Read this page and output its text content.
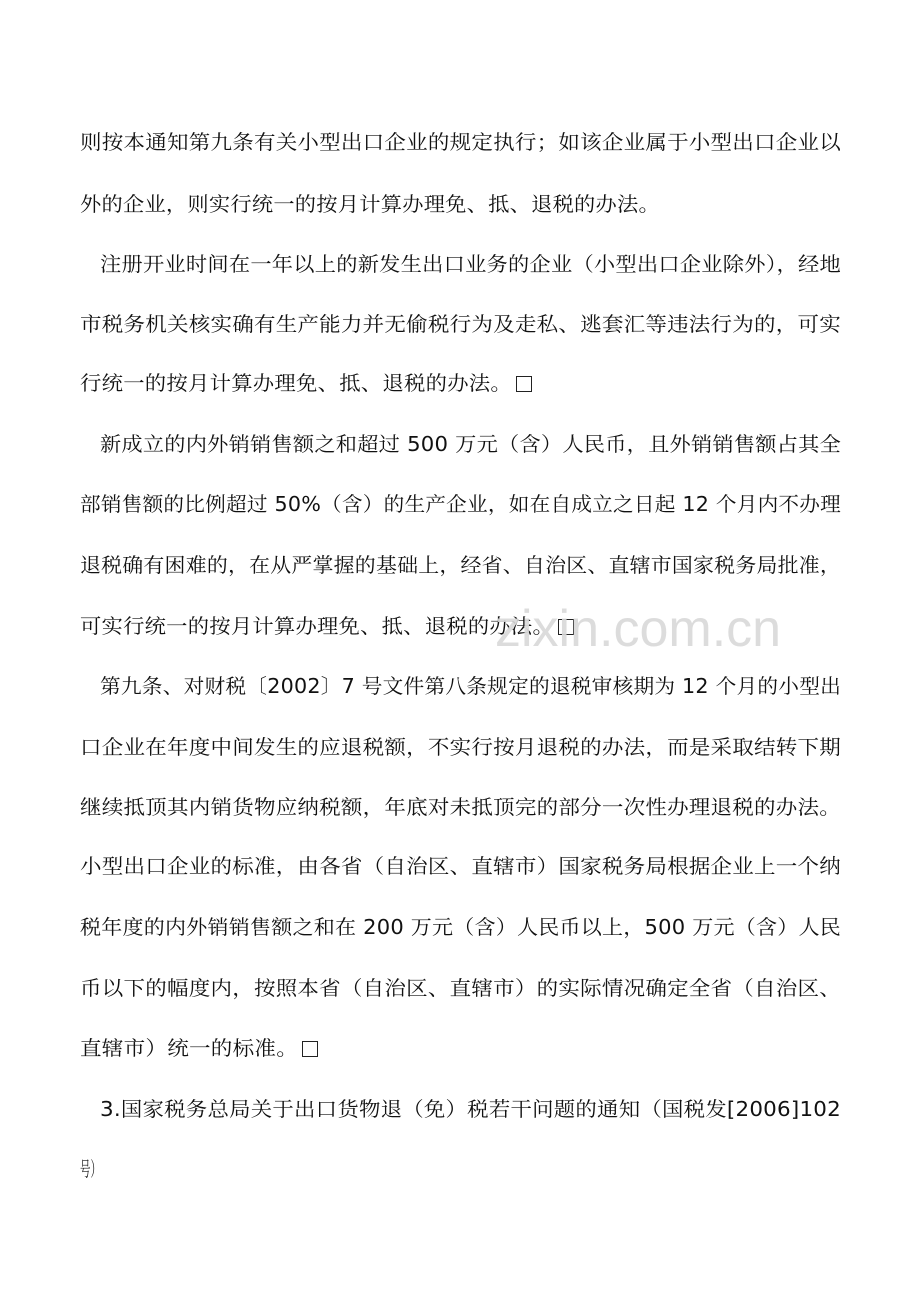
则按本通知第九条有关小型出口企业的规定执行；如该企业属于小型出口企业以
外的企业，则实行统一的按月计算办理免、抵、退税的办法。
注册开业时间在一年以上的新发生出口业务的企业（小型出口企业除外），经地
市税务机关核实确有生产能力并无偷税行为及走私、逃套汇等违法行为的，可实
行统一的按月计算办理免、抵、退税的办法。
新成立的内外销销售额之和超过 500 万元（含）人民币，且外销销售额占其全
部销售额的比例超过 50%（含）的生产企业，如在自成立之日起 12 个月内不办理
退税确有困难的，在从严掌握的基础上，经省、自治区、直辖市国家税务局批准，
可实行统一的按月计算办理免、抵、退税的办法。
第九条、对财税〔2002〕7 号文件第八条规定的退税审核期为 12 个月的小型出
口企业在年度中间发生的应退税额，不实行按月退税的办法，而是采取结转下期
继续抵顶其内销货物应纳税额，年底对未抵顶完的部分一次性办理退税的办法。
小型出口企业的标准，由各省（自治区、直辖市）国家税务局根据企业上一个纳
税年度的内外销销售额之和在 200 万元（含）人民币以上，500 万元（含）人民
币以下的幅度内，按照本省（自治区、直辖市）的实际情况确定全省（自治区、
直辖市）统一的标准。
3.国家税务总局关于出口货物退（免）税若干问题的通知（国税发[2006]102
号）
zixin.com.cn
